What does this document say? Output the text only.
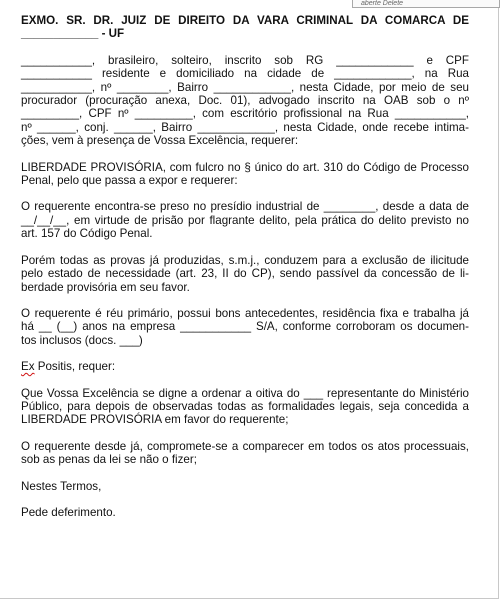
aberte Delete
EXMO. SR. DR. JUIZ DE DIREITO DA VARA CRIMINAL DA COMARCA DE
____________ - UF
___________, brasileiro, solteiro, inscrito sob RG ____________ e CPF
___________ residente e domiciliado na cidade de ____________, na Rua
___________, nº ________, Bairro ____________, nesta Cidade, por meio de seu
procurador (procuração anexa, Doc. 01), advogado inscrito na OAB sob o nº
_________, CPF nº _________, com escritório profissional na Rua ___________,
nº ______, conj. ______, Bairro ____________, nesta Cidade, onde recebe intima-
ções, vem à presença de Vossa Excelência, requerer:
LIBERDADE PROVISÓRIA, com fulcro no § único do art. 310 do Código de Processo
Penal, pelo que passa a expor e requerer:
O requerente encontra-se preso no presídio industrial de ________, desde a data de
__/__/__, em virtude de prisão por flagrante delito, pela prática do delito previsto no
art. 157 do Código Penal.
Porém todas as provas já produzidas, s.m.j., conduzem para a exclusão de ilicitude
pelo estado de necessidade (art. 23, II do CP), sendo passível da concessão de li-
berdade provisória em seu favor.
O requerente é réu primário, possui bons antecedentes, residência fixa e trabalha já
há __ (__) anos na empresa ___________ S/A, conforme corroboram os documen-
tos inclusos (docs. ___)
Ex Positis, requer:
Que Vossa Excelência se digne a ordenar a oitiva do ___ representante do Ministério
Público, para depois de observadas todas as formalidades legais, seja concedida a
LIBERDADE PROVISÓRIA em favor do requerente;
O requerente desde já, compromete-se a comparecer em todos os atos processuais,
sob as penas da lei se não o fizer;
Nestes Termos,
Pede deferimento.
